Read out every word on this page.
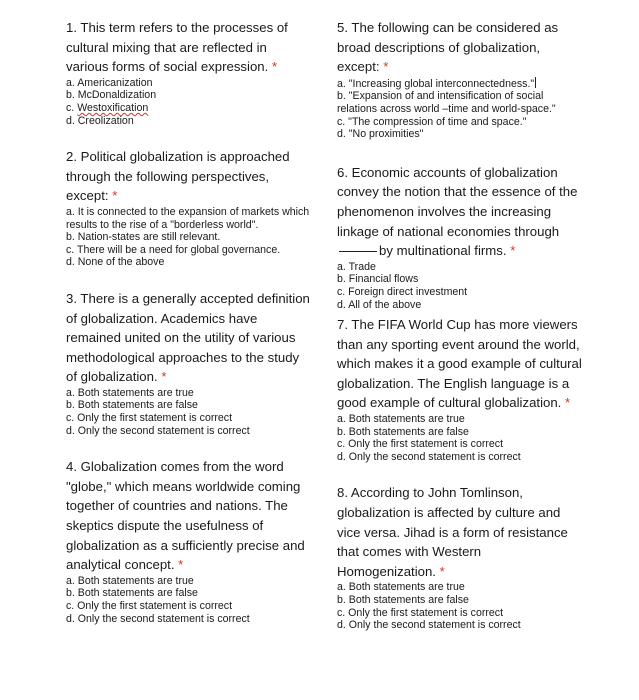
1. This term refers to the processes of cultural mixing that are reflected in various forms of social expression. *

a. Americanization
b. McDonaldization
c. Westoxification
d. Creolization

2. Political globalization is approached through the following perspectives, except: *

a. It is connected to the expansion of markets which results to the rise of a "borderless world".
b. Nation-states are still relevant.
c. There will be a need for global governance.
d. None of the above

3. There is a generally accepted definition of globalization. Academics have remained united on the utility of various methodological approaches to the study of globalization. *

a. Both statements are true
b. Both statements are false
c. Only the first statement is correct
d. Only the second statement is correct

4. Globalization comes from the word "globe," which means worldwide coming together of countries and nations. The skeptics dispute the usefulness of globalization as a sufficiently precise and analytical concept. *

a. Both statements are true
b. Both statements are false
c. Only the first statement is correct
d. Only the second statement is correct

5. The following can be considered as broad descriptions of globalization, except: *

a. "Increasing global interconnectedness."
b. "Expansion of and intensification of social relations across world –time and world-space."
c. "The compression of time and space."
d. "No proximities"

6. Economic accounts of globalization convey the notion that the essence of the phenomenon involves the increasing linkage of national economies throughby multinational firms. *

a. Trade
b. Financial flows
c. Foreign direct investment
d. All of the above

7. The FIFA World Cup has more viewers than any sporting event around the world, which makes it a good example of cultural globalization. The English language is a good example of cultural globalization. *

a. Both statements are true
b. Both statements are false
c. Only the first statement is correct
d. Only the second statement is correct

8. According to John Tomlinson, globalization is affected by culture and vice versa. Jihad is a form of resistance that comes with Western Homogenization. *

a. Both statements are true
b. Both statements are false
c. Only the first statement is correct
d. Only the second statement is correct
